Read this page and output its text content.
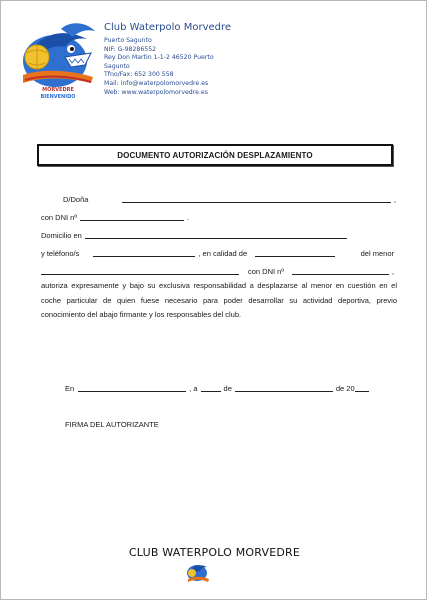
MORVEDRE
BIENVENIDO
Club Waterpolo Morvedre
Puerto Sagunto
NIF: G-98286552
Rey Don Martin 1-1-2 46520 Puerto
Sagunto
Tfno/Fax: 652 300 558
Mail: info@waterpolomorvedre.es
Web: www.waterpolomorvedre.es
DOCUMENTO AUTORIZACIÓN DESPLAZAMIENTO
D/Doña	,
con DNI nº	.
Domicilio en
y teléfono/s	, en calidad de	del menor
con DNI nº	,
autoriza expresamente y bajo su exclusiva responsabilidad a desplazarse al menor en cuestión en el coche particular de quien fuese necesario para poder desarrollar su actividad deportiva, previo conocimiento del abajo firmante y los responsables del club.
En	, a	de	de 20
FIRMA DEL AUTORIZANTE
CLUB WATERPOLO MORVEDRE
